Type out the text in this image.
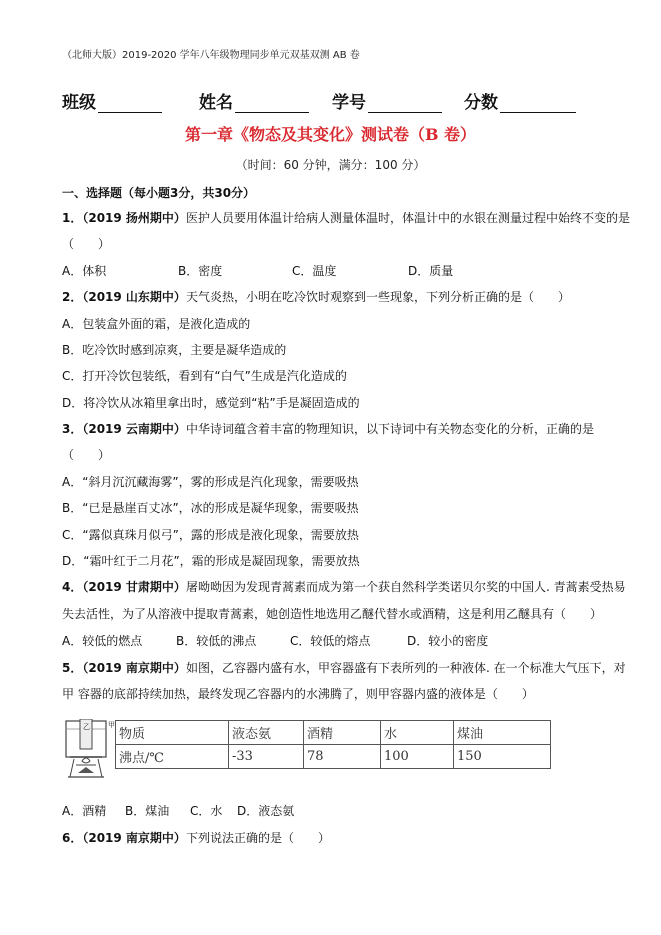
（北师大版）2019-2020 学年八年级物理同步单元双基双测 AB 卷
班级	姓名	学号	分数
第一章《物态及其变化》测试卷（B 卷）
（时间：60 分钟，满分：100 分）
一、选择题（每小题3分，共30分）
1．（2019 扬州期中）医护人员要用体温计给病人测量体温时，体温计中的水银在测量过程中始终不变的是
（　　）
A．体积	B．密度	C．温度	D．质量
2．（2019 山东期中）天气炎热，小明在吃冷饮时观察到一些现象，下列分析正确的是（　　）
A．包装盒外面的霜，是液化造成的
B．吃冷饮时感到凉爽，主要是凝华造成的
C．打开冷饮包装纸，看到有“白气”生成是汽化造成的
D．将冷饮从冰箱里拿出时，感觉到“粘”手是凝固造成的
3．（2019 云南期中）中华诗词蕴含着丰富的物理知识，以下诗词中有关物态变化的分析，正确的是
（　　）
A．“斜月沉沉藏海雾”，雾的形成是汽化现象，需要吸热
B．“已是悬崖百丈冰”，冰的形成是凝华现象，需要吸热
C．“露似真珠月似弓”，露的形成是液化现象，需要放热
D．“霜叶红于二月花”，霜的形成是凝固现象，需要放热
4．（2019 甘肃期中）屠呦呦因为发现青蒿素而成为第一个获自然科学类诺贝尔奖的中国人. 青蒿素受热易
失去活性，为了从溶液中提取青蒿素，她创造性地选用乙醚代替水或酒精，这是利用乙醚具有（　　）
A．较低的燃点	B．较低的沸点	C．较低的熔点	D．较小的密度
5．（2019 南京期中）如图，乙容器内盛有水，甲容器盛有下表所列的一种液体. 在一个标准大气压下，对
甲 容器的底部持续加热，最终发现乙容器内的水沸腾了，则甲容器内盛的液体是（　　）
乙	甲
物质	液态氨	酒精	水	煤油
沸点/℃	-33	78	100	150
A．酒精 B．煤油 C．水 D．液态氨
6．（2019 南京期中）下列说法正确的是（　　）
